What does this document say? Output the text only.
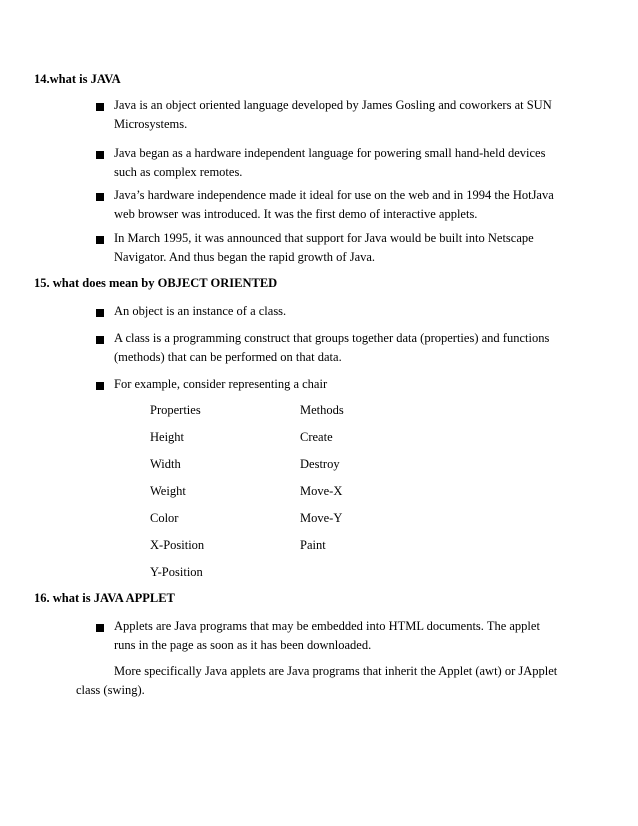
14.what is JAVA
Java is an object oriented language developed by James Gosling and coworkers at SUN
Microsystems.
Java began as a hardware independent language for powering small hand-held devices
such as complex remotes.
Java’s hardware independence made it ideal for use on the web and in 1994 the HotJava
web browser was introduced. It was the first demo of interactive applets.
In March 1995, it was announced that support for Java would be built into Netscape
Navigator. And thus began the rapid growth of Java.
15. what does mean by OBJECT ORIENTED
An object is an instance of a class.
A class is a programming construct that groups together data (properties) and functions
(methods) that can be performed on that data.
For example, consider representing a chair
Properties	Methods
Height	Create
Width	Destroy
Weight	Move-X
Color	Move-Y
X-Position	Paint
Y-Position
16. what is JAVA APPLET
Applets are Java programs that may be embedded into HTML documents. The applet
runs in the page as soon as it has been downloaded.
More specifically Java applets are Java programs that inherit the Applet (awt) or JApplet
class (swing).
